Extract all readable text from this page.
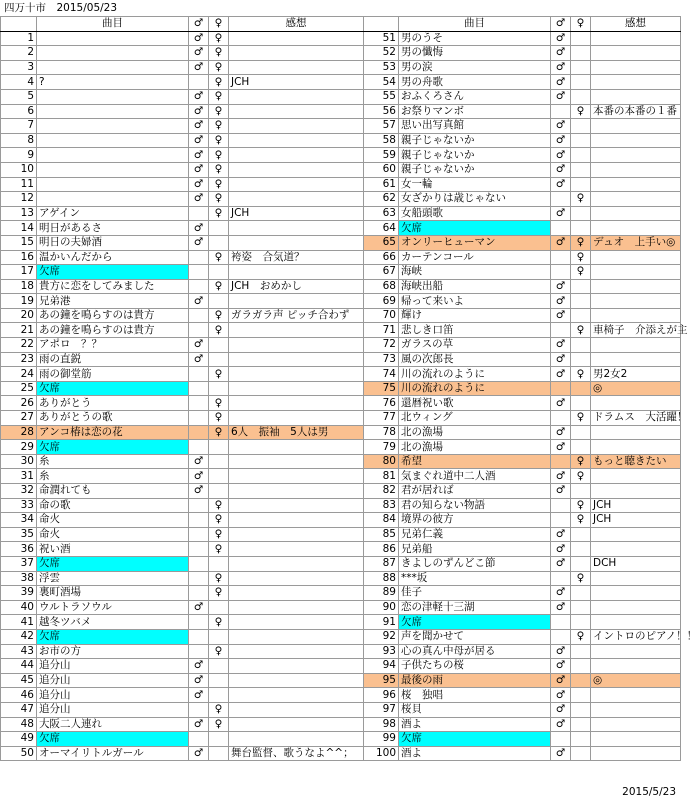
四万十市　2015/05/23
	曲目	♂	♀	感想		曲目	♂	♀	感想
1		♂	♀		51	男のうそ	♂		
2		♂	♀		52	男の懺悔	♂		
3		♂	♀		53	男の涙	♂		
4	?		♀	JCH	54	男の舟歌	♂		
5		♂	♀		55	おふくろさん	♂		
6		♂	♀		56	お祭りマンボ		♀	本番の本番の１番
7		♂	♀		57	思い出写真館	♂		
8		♂	♀		58	親子じゃないか	♂		
9		♂	♀		59	親子じゃないか	♂		
10		♂	♀		60	親子じゃないか	♂		
11		♂	♀		61	女一輪	♂		
12		♂	♀		62	女ざかりは歳じゃない		♀	
13	アゲイン		♀	JCH	63	女船頭歌	♂		
14	明日があるさ	♂			64	欠席			
15	明日の夫婦酒	♂			65	オンリーヒューマン	♂	♀	デュオ　上手い◎
16	温かいんだから		♀	袴姿　合気道？	66	カーテンコール		♀	
17	欠席				67	海峡		♀	
18	貴方に恋をしてみました		♀	JCH　おめかし	68	海峡出船	♂		
19	兄弟港	♂			69	帰って来いよ	♂		
20	あの鐘を鳴らすのは貴方		♀	ガラガラ声 ピッチ合わず	70	輝け	♂		
21	あの鐘を鳴らすのは貴方		♀		71	悲しき口笛		♀	車椅子　介添えが主
22	アポロ　？？	♂			72	ガラスの草	♂		
23	雨の直鋭	♂			73	風の次郎長	♂		
24	雨の御堂筋		♀		74	川の流れのように	♂	♀	男2女2
25	欠席				75	川の流れのように			◎
26	ありがとう		♀		76	還暦祝い歌	♂		
27	ありがとうの歌		♀		77	北ウィング		♀	ドラムス　大活躍！
28	アンコ椿は恋の花		♀	6人　振袖　5人は男	78	北の漁場	♂		
29	欠席				79	北の漁場	♂		
30	糸	♂			80	希望		♀	もっと聴きたい
31	糸	♂			81	気まぐれ道中二人酒	♂	♀	
32	命潤れても	♂			82	君が居れば	♂		
33	命の歌		♀		83	君の知らない物語		♀	JCH
34	命火		♀		84	境界の彼方		♀	JCH
35	命火		♀		85	兄弟仁義	♂		
36	祝い酒		♀		86	兄弟船	♂		
37	欠席				87	きよしのずんどこ節	♂		DCH
38	浮雲		♀		88	***坂		♀	
39	裏町酒場		♀		89	佳子	♂		
40	ウルトラソウル	♂			90	恋の津軽十三湖	♂		
41	越冬ツバメ		♀		91	欠席			
42	欠席				92	声を聞かせて		♀	イントロのピアノ！！
43	お市の方		♀		93	心の真ん中母が居る	♂		
44	追分山	♂			94	子供たちの桜	♂		
45	追分山	♂			95	最後の雨	♂		◎
46	追分山	♂			96	桜　独唱	♂		
47	追分山		♀		97	桜貝	♂		
48	大阪二人連れ	♂	♀		98	酒よ	♂		
49	欠席				99	欠席			
50	オーマイリトルガール	♂		舞台監督、歌うなよ^^；	100	酒よ	♂		
2015/5/23
